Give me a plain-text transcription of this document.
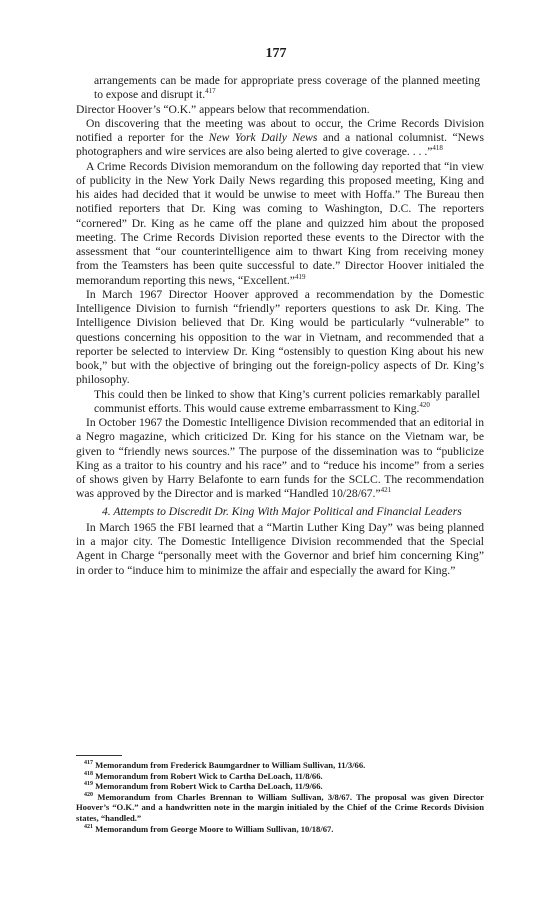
177

arrangements can be made for appropriate press coverage of the planned meeting to expose and disrupt it.$^{417}$

Director Hoover’s “O.K.” appears below that recommendation.

On discovering that the meeting was about to occur, the Crime Records Division notified a reporter for the New York Daily News and a national columnist. “News photographers and wire services are also being alerted to give coverage. . . .”$^{418}$

A Crime Records Division memorandum on the following day reported that “in view of publicity in the New York Daily News regarding this proposed meeting, King and his aides had decided that it would be unwise to meet with Hoffa.” The Bureau then notified reporters that Dr. King was coming to Washington, D.C. The reporters “cornered” Dr. King as he came off the plane and quizzed him about the proposed meeting. The Crime Records Division reported these events to the Director with the assessment that “our counterintelligence aim to thwart King from receiving money from the Teamsters has been quite successful to date.” Director Hoover initialed the memorandum reporting this news, “Excellent.”$^{419}$

In March 1967 Director Hoover approved a recommendation by the Domestic Intelligence Division to furnish “friendly” reporters questions to ask Dr. King. The Intelligence Division believed that Dr. King would be particularly “vulnerable” to questions concerning his opposition to the war in Vietnam, and recommended that a reporter be selected to interview Dr. King “ostensibly to question King about his new book,” but with the objective of bringing out the foreign-policy aspects of Dr. King’s philosophy.

This could then be linked to show that King’s current policies remarkably parallel communist efforts. This would cause extreme embarrassment to King.$^{420}$

In October 1967 the Domestic Intelligence Division recommended that an editorial in a Negro magazine, which criticized Dr. King for his stance on the Vietnam war, be given to “friendly news sources.” The purpose of the dissemination was to “publicize King as a traitor to his country and his race” and to “reduce his income” from a series of shows given by Harry Belafonte to earn funds for the SCLC. The recommendation was approved by the Director and is marked “Handled 10/28/67.”$^{421}$

4. Attempts to Discredit Dr. King With Major Political and Financial Leaders

In March 1965 the FBI learned that a “Martin Luther King Day” was being planned in a major city. The Domestic Intelligence Division recommended that the Special Agent in Charge “personally meet with the Governor and brief him concerning King” in order to “induce him to minimize the affair and especially the award for King.”

$^{417}$ Memorandum from Frederick Baumgardner to William Sullivan, 11/3/66.

$^{418}$ Memorandum from Robert Wick to Cartha DeLoach, 11/8/66.

$^{419}$ Memorandum from Robert Wick to Cartha DeLoach, 11/9/66.

$^{420}$ Memorandum from Charles Brennan to William Sullivan, 3/8/67. The proposal was given Director Hoover’s “O.K.” and a handwritten note in the margin initialed by the Chief of the Crime Records Division states, “handled.”

$^{421}$ Memorandum from George Moore to William Sullivan, 10/18/67.
